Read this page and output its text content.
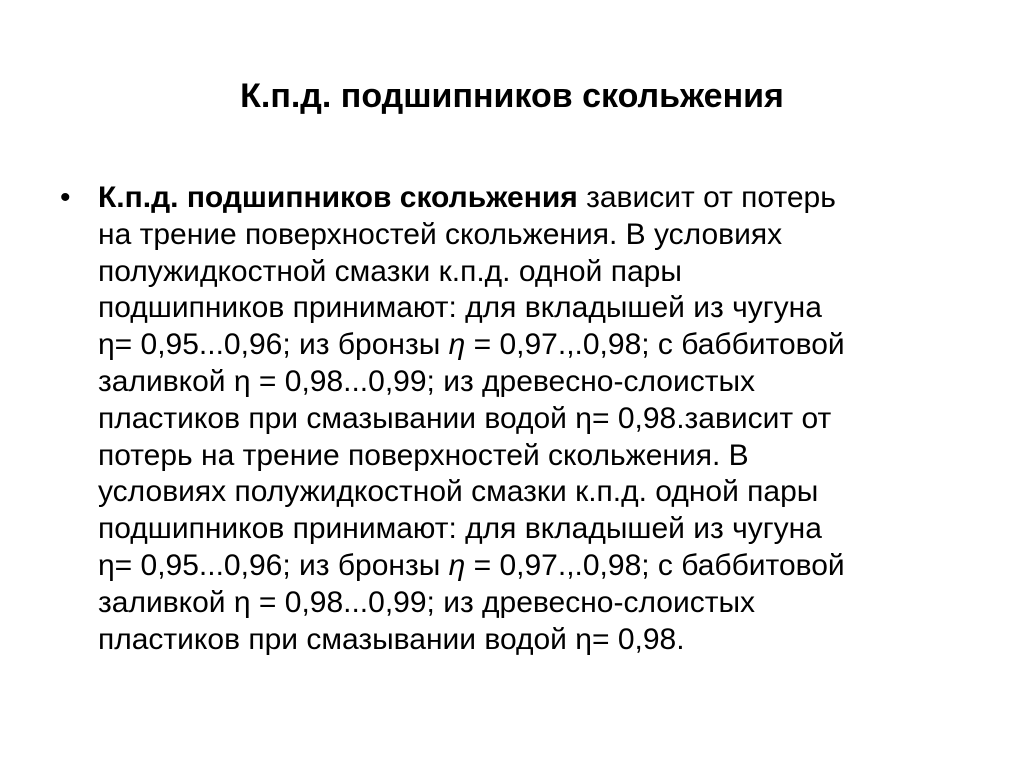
К.п.д. подшипников скольжения
• К.п.д. подшипников скольжения зависит от потерь
на трение поверхностей скольжения. В условиях
полужидкостной смазки к.п.д. одной пары
подшипников принимают: для вкладышей из чугуна
η= 0,95...0,96; из бронзы η = 0,97.,.0,98; с баббитовой
заливкой η = 0,98...0,99; из древесно-слоистых
пластиков при смазывании водой η= 0,98.зависит от
потерь на трение поверхностей скольжения. В
условиях полужидкостной смазки к.п.д. одной пары
подшипников принимают: для вкладышей из чугуна
η= 0,95...0,96; из бронзы η = 0,97.,.0,98; с баббитовой
заливкой η = 0,98...0,99; из древесно-слоистых
пластиков при смазывании водой η= 0,98.
